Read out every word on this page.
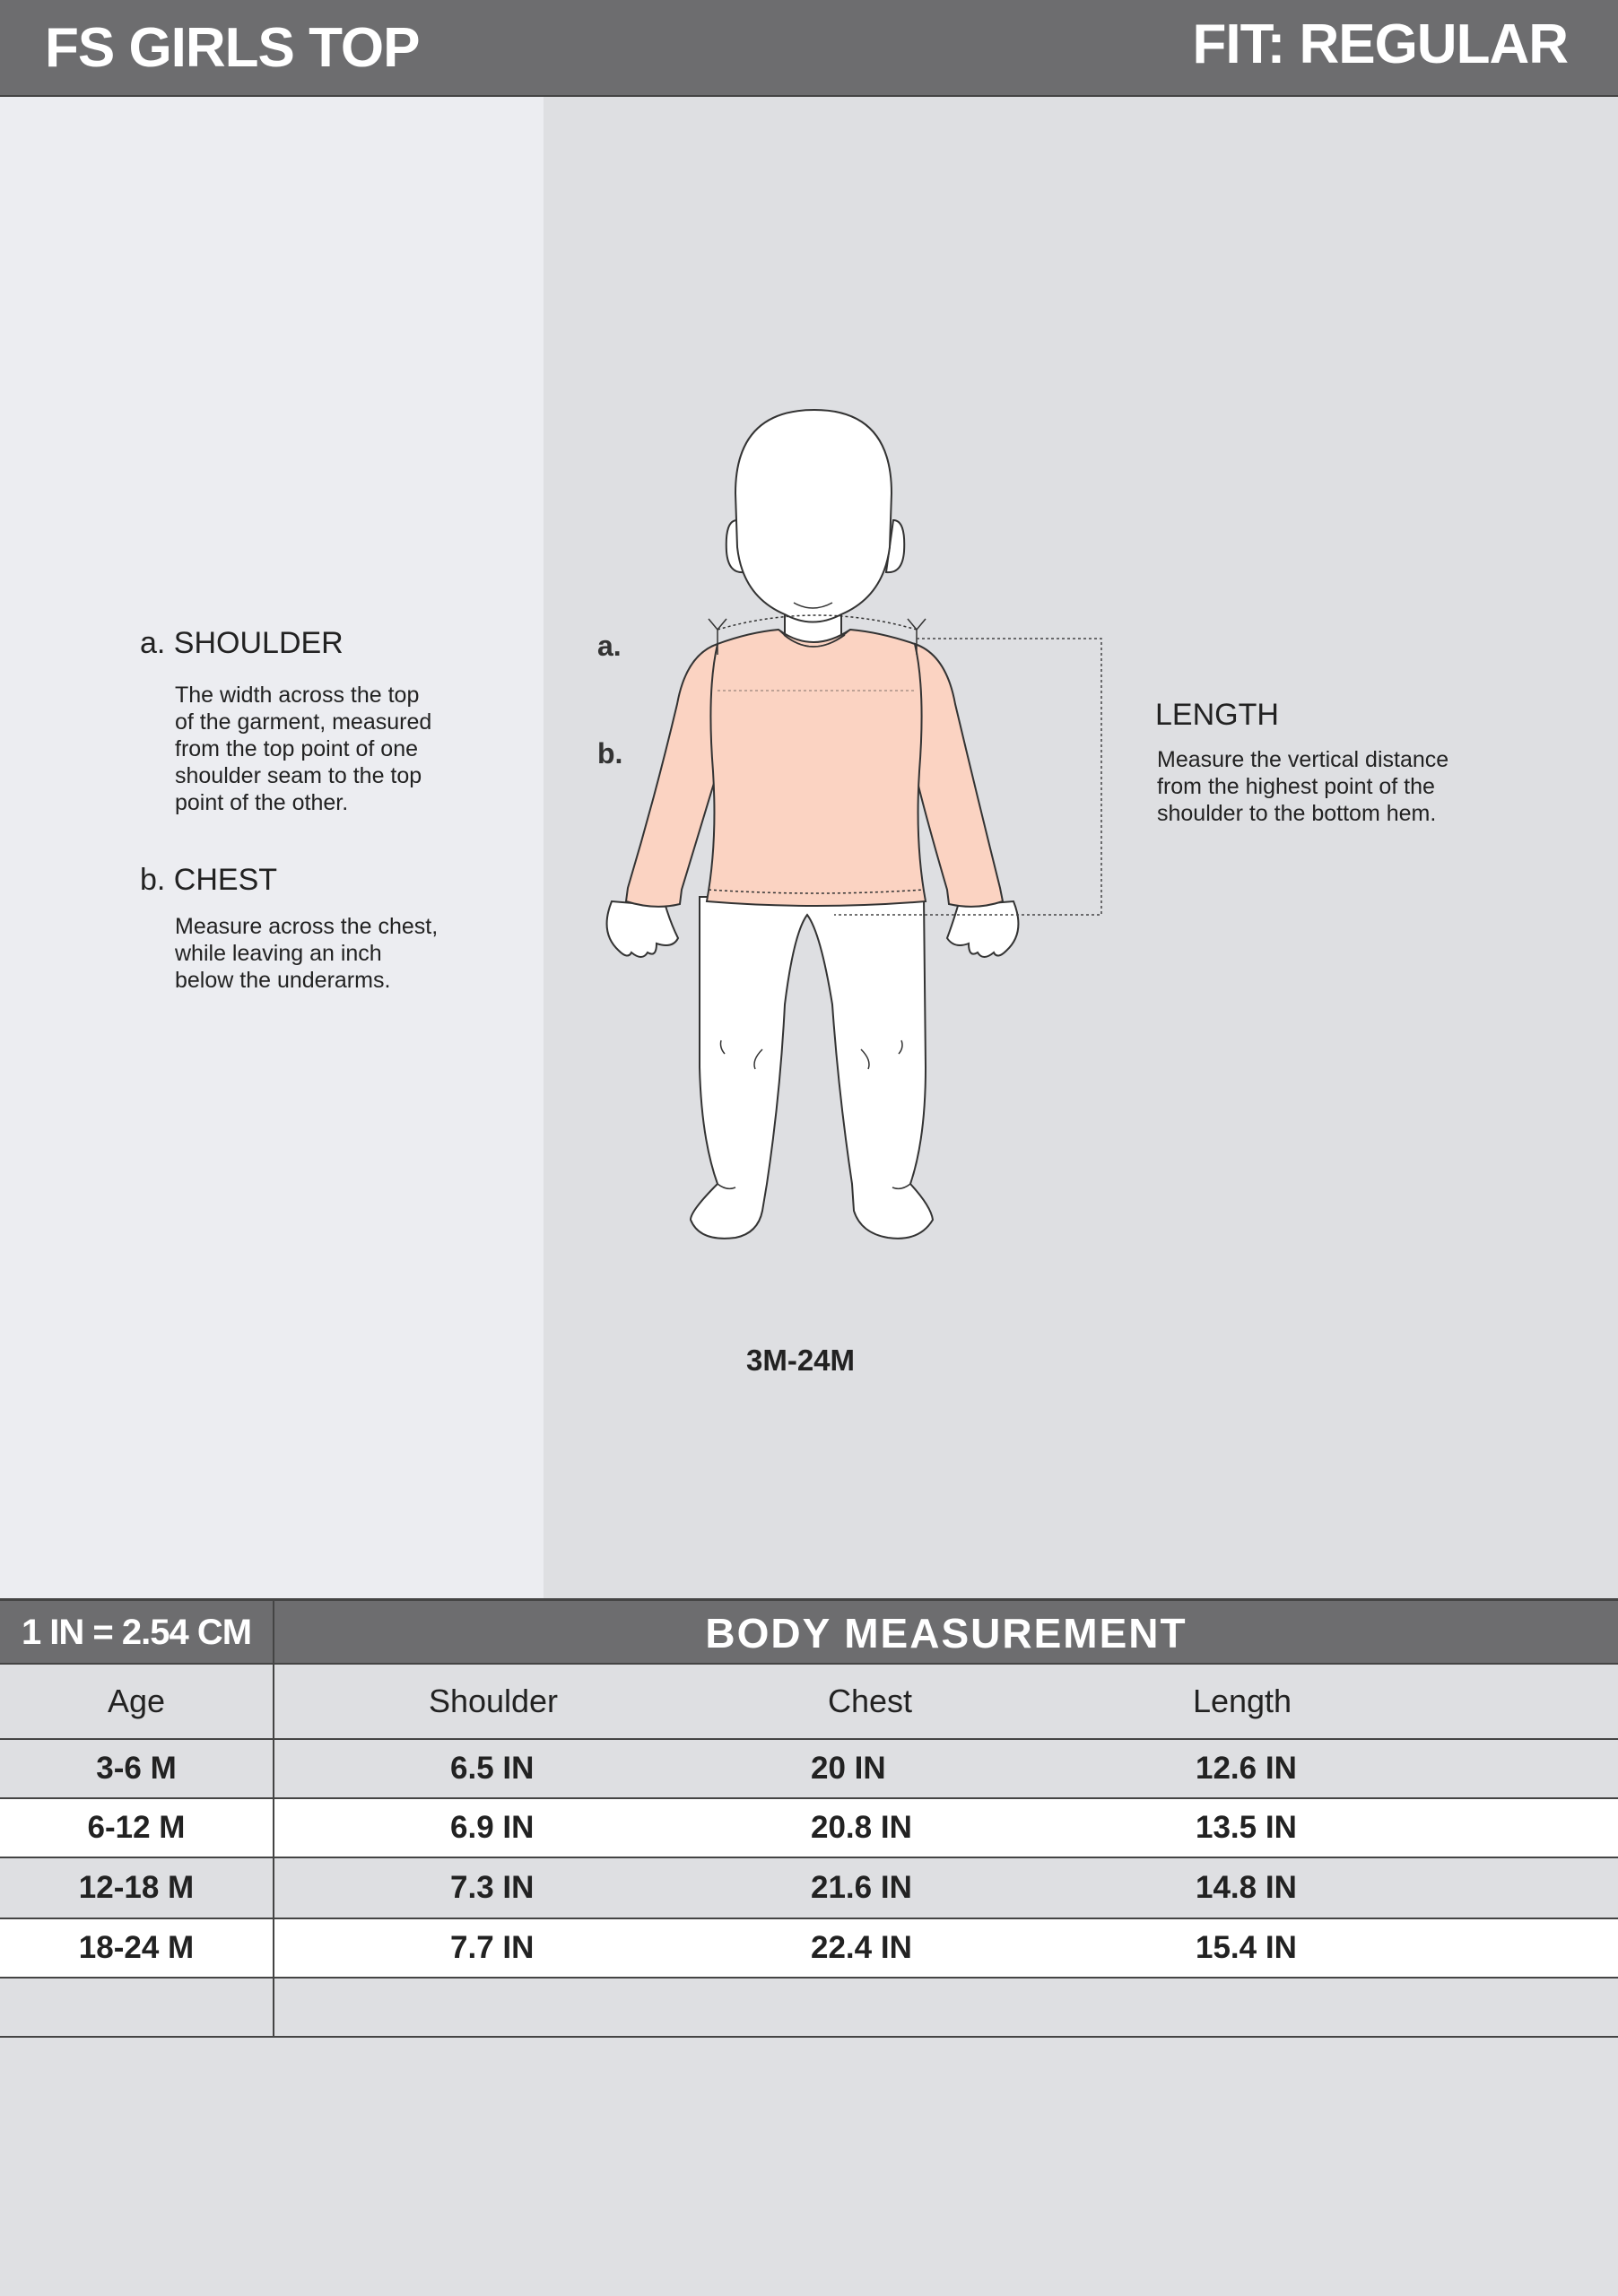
FS GIRLS TOP	FIT: REGULAR
a. SHOULDER
The width across the top
of the garment, measured
from the top point of one
shoulder seam to the top
point of the other.
b. CHEST
Measure across the chest,
while leaving an inch
below the underarms.
LENGTH
Measure the vertical distance
from the highest point of the
shoulder to the bottom hem.
a.
b.
3M-24M
1 IN = 2.54 CM	BODY MEASUREMENT
Age	Shoulder	Chest	Length
3-6 M	6.5 IN	20 IN	12.6 IN
6-12 M	6.9 IN	20.8 IN	13.5 IN
12-18 M	7.3 IN	21.6 IN	14.8 IN
18-24 M	7.7 IN	22.4 IN	15.4 IN
